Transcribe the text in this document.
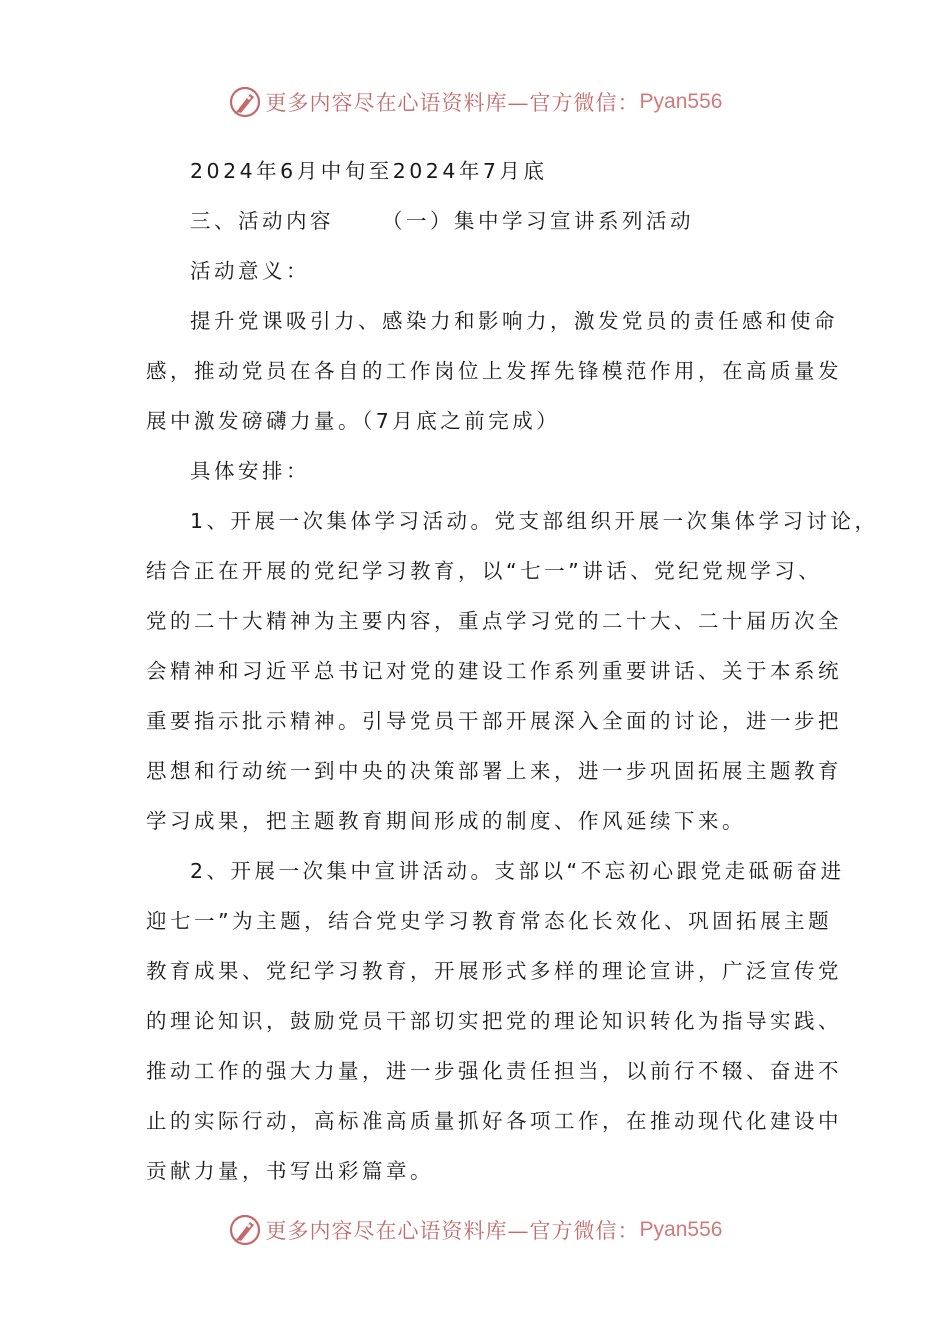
更多内容尽在心语资料库—官方微信： Pyan556
2024年6月中旬至2024年7月底
三、活动内容 （一）集中学习宣讲系列活动
活动意义：
提升党课吸引力、感染力和影响力，激发党员的责任感和使命
感，推动党员在各自的工作岗位上发挥先锋模范作用，在高质量发
展中激发磅礴力量。（7月底之前完成）
具体安排：
1、开展一次集体学习活动。党支部组织开展一次集体学习讨论，
结合正在开展的党纪学习教育，以“七一”讲话、党纪党规学习、
党的二十大精神为主要内容，重点学习党的二十大、二十届历次全
会精神和习近平总书记对党的建设工作系列重要讲话、关于本系统
重要指示批示精神。引导党员干部开展深入全面的讨论，进一步把
思想和行动统一到中央的决策部署上来，进一步巩固拓展主题教育
学习成果，把主题教育期间形成的制度、作风延续下来。
2、开展一次集中宣讲活动。支部以“不忘初心跟党走砥砺奋进
迎七一”为主题，结合党史学习教育常态化长效化、巩固拓展主题
教育成果、党纪学习教育，开展形式多样的理论宣讲，广泛宣传党
的理论知识，鼓励党员干部切实把党的理论知识转化为指导实践、
推动工作的强大力量，进一步强化责任担当，以前行不辍、奋进不
止的实际行动，高标准高质量抓好各项工作，在推动现代化建设中
贡献力量，书写出彩篇章。
更多内容尽在心语资料库—官方微信： Pyan556
